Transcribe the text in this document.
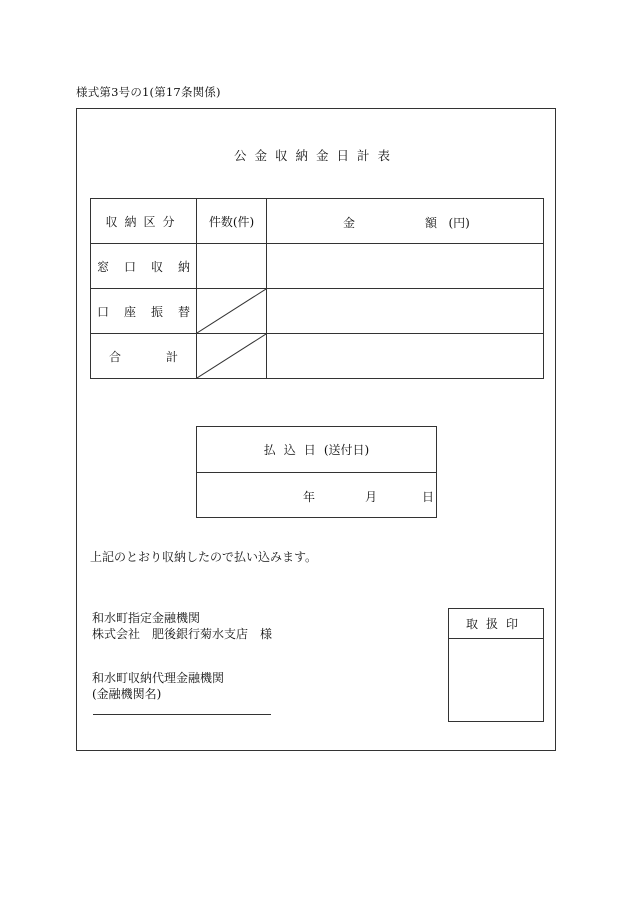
様式第3号の1(第17条関係)
公金収納金日計表
収納区分	件数(件)	金 額 (円)

窓 口 収 納		

口 座 振 替

合 計

払込日 (送付日)
年	月	日
上記のとおり収納したので払い込みます。
和水町指定金融機関
株式会社　肥後銀行菊水支店　様
和水町収納代理金融機関
(金融機関名)
取扱印
